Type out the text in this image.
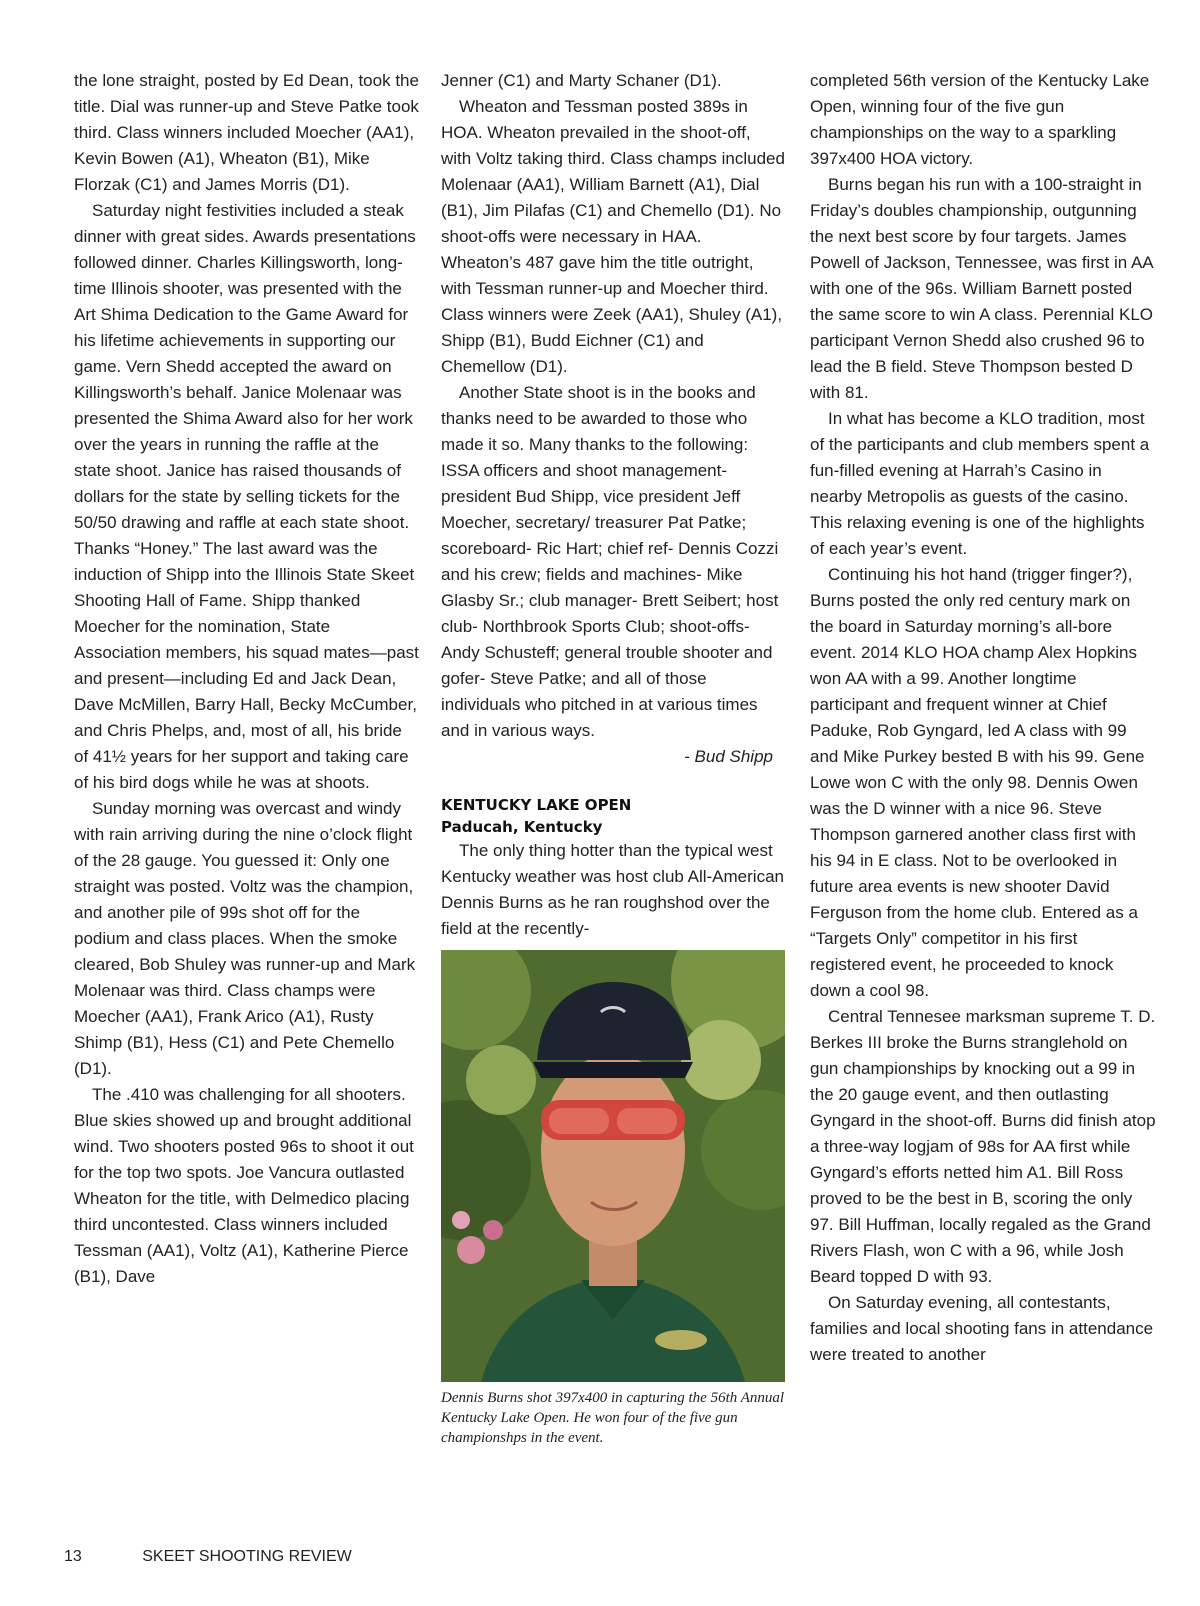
the lone straight, posted by Ed Dean, took the title. Dial was runner-up and Steve Patke took third. Class winners included Moecher (AA1), Kevin Bowen (A1), Wheaton (B1), Mike Florzak (C1) and James Morris (D1).

Saturday night festivities included a steak dinner with great sides. Awards presentations followed dinner. Charles Killingsworth, long-time Illinois shooter, was presented with the Art Shima Dedication to the Game Award for his lifetime achievements in supporting our game. Vern Shedd accepted the award on Killingsworth’s behalf. Janice Molenaar was presented the Shima Award also for her work over the years in running the raffle at the state shoot. Janice has raised thousands of dollars for the state by selling tickets for the 50/50 drawing and raffle at each state shoot. Thanks “Honey.” The last award was the induction of Shipp into the Illinois State Skeet Shooting Hall of Fame. Shipp thanked Moecher for the nomination, State Association members, his squad mates—past and present—including Ed and Jack Dean, Dave McMillen, Barry Hall, Becky McCumber, and Chris Phelps, and, most of all, his bride of 41½ years for her support and taking care of his bird dogs while he was at shoots.

Sunday morning was overcast and windy with rain arriving during the nine o’clock flight of the 28 gauge. You guessed it: Only one straight was posted. Voltz was the champion, and another pile of 99s shot off for the podium and class places. When the smoke cleared, Bob Shuley was runner-up and Mark Molenaar was third. Class champs were Moecher (AA1), Frank Arico (A1), Rusty Shimp (B1), Hess (C1) and Pete Chemello (D1).

The .410 was challenging for all shooters. Blue skies showed up and brought additional wind. Two shooters posted 96s to shoot it out for the top two spots. Joe Vancura outlasted Wheaton for the title, with Delmedico placing third uncontested. Class winners included Tessman (AA1), Voltz (A1), Katherine Pierce (B1), Dave

Jenner (C1) and Marty Schaner (D1).

Wheaton and Tessman posted 389s in HOA. Wheaton prevailed in the shoot-off, with Voltz taking third. Class champs included Molenaar (AA1), William Barnett (A1), Dial (B1), Jim Pilafas (C1) and Chemello (D1). No shoot-offs were necessary in HAA. Wheaton’s 487 gave him the title outright, with Tessman runner-up and Moecher third. Class winners were Zeek (AA1), Shuley (A1), Shipp (B1), Budd Eichner (C1) and Chemellow (D1).

Another State shoot is in the books and thanks need to be awarded to those who made it so. Many thanks to the following: ISSA officers and shoot management- president Bud Shipp, vice president Jeff Moecher, secretary/ treasurer Pat Patke; scoreboard- Ric Hart; chief ref- Dennis Cozzi and his crew; fields and machines- Mike Glasby Sr.; club manager- Brett Seibert; host club- Northbrook Sports Club; shoot-offs- Andy Schusteff; general trouble shooter and gofer- Steve Patke; and all of those individuals who pitched in at various times and in various ways.

- Bud Shipp

KENTUCKY LAKE OPEN
Paducah, Kentucky

The only thing hotter than the typical west Kentucky weather was host club All-American Dennis Burns as he ran roughshod over the field at the recently-

Dennis Burns shot 397x400 in capturing the 56th Annual Kentucky Lake Open. He won four of the five gun championshps in the event.

completed 56th version of the Kentucky Lake Open, winning four of the five gun championships on the way to a sparkling 397x400 HOA victory.

Burns began his run with a 100-straight in Friday’s doubles championship, outgunning the next best score by four targets. James Powell of Jackson, Tennessee, was first in AA with one of the 96s. William Barnett posted the same score to win A class. Perennial KLO participant Vernon Shedd also crushed 96 to lead the B field. Steve Thompson bested D with 81.

In what has become a KLO tradition, most of the participants and club members spent a fun-filled evening at Harrah’s Casino in nearby Metropolis as guests of the casino. This relaxing evening is one of the highlights of each year’s event.

Continuing his hot hand (trigger finger?), Burns posted the only red century mark on the board in Saturday morning’s all-bore event. 2014 KLO HOA champ Alex Hopkins won AA with a 99. Another longtime participant and frequent winner at Chief Paduke, Rob Gyngard, led A class with 99 and Mike Purkey bested B with his 99. Gene Lowe won C with the only 98. Dennis Owen was the D winner with a nice 96. Steve Thompson garnered another class first with his 94 in E class. Not to be overlooked in future area events is new shooter David Ferguson from the home club. Entered as a “Targets Only” competitor in his first registered event, he proceeded to knock down a cool 98.

Central Tennesee marksman supreme T. D. Berkes III broke the Burns stranglehold on gun championships by knocking out a 99 in the 20 gauge event, and then outlasting Gyngard in the shoot-off. Burns did finish atop a three-way logjam of 98s for AA first while Gyngard’s efforts netted him A1. Bill Ross proved to be the best in B, scoring the only 97. Bill Huffman, locally regaled as the Grand Rivers Flash, won C with a 96, while Josh Beard topped D with 93.

On Saturday evening, all contestants, families and local shooting fans in attendance were treated to another

13	SKEET SHOOTING REVIEW
